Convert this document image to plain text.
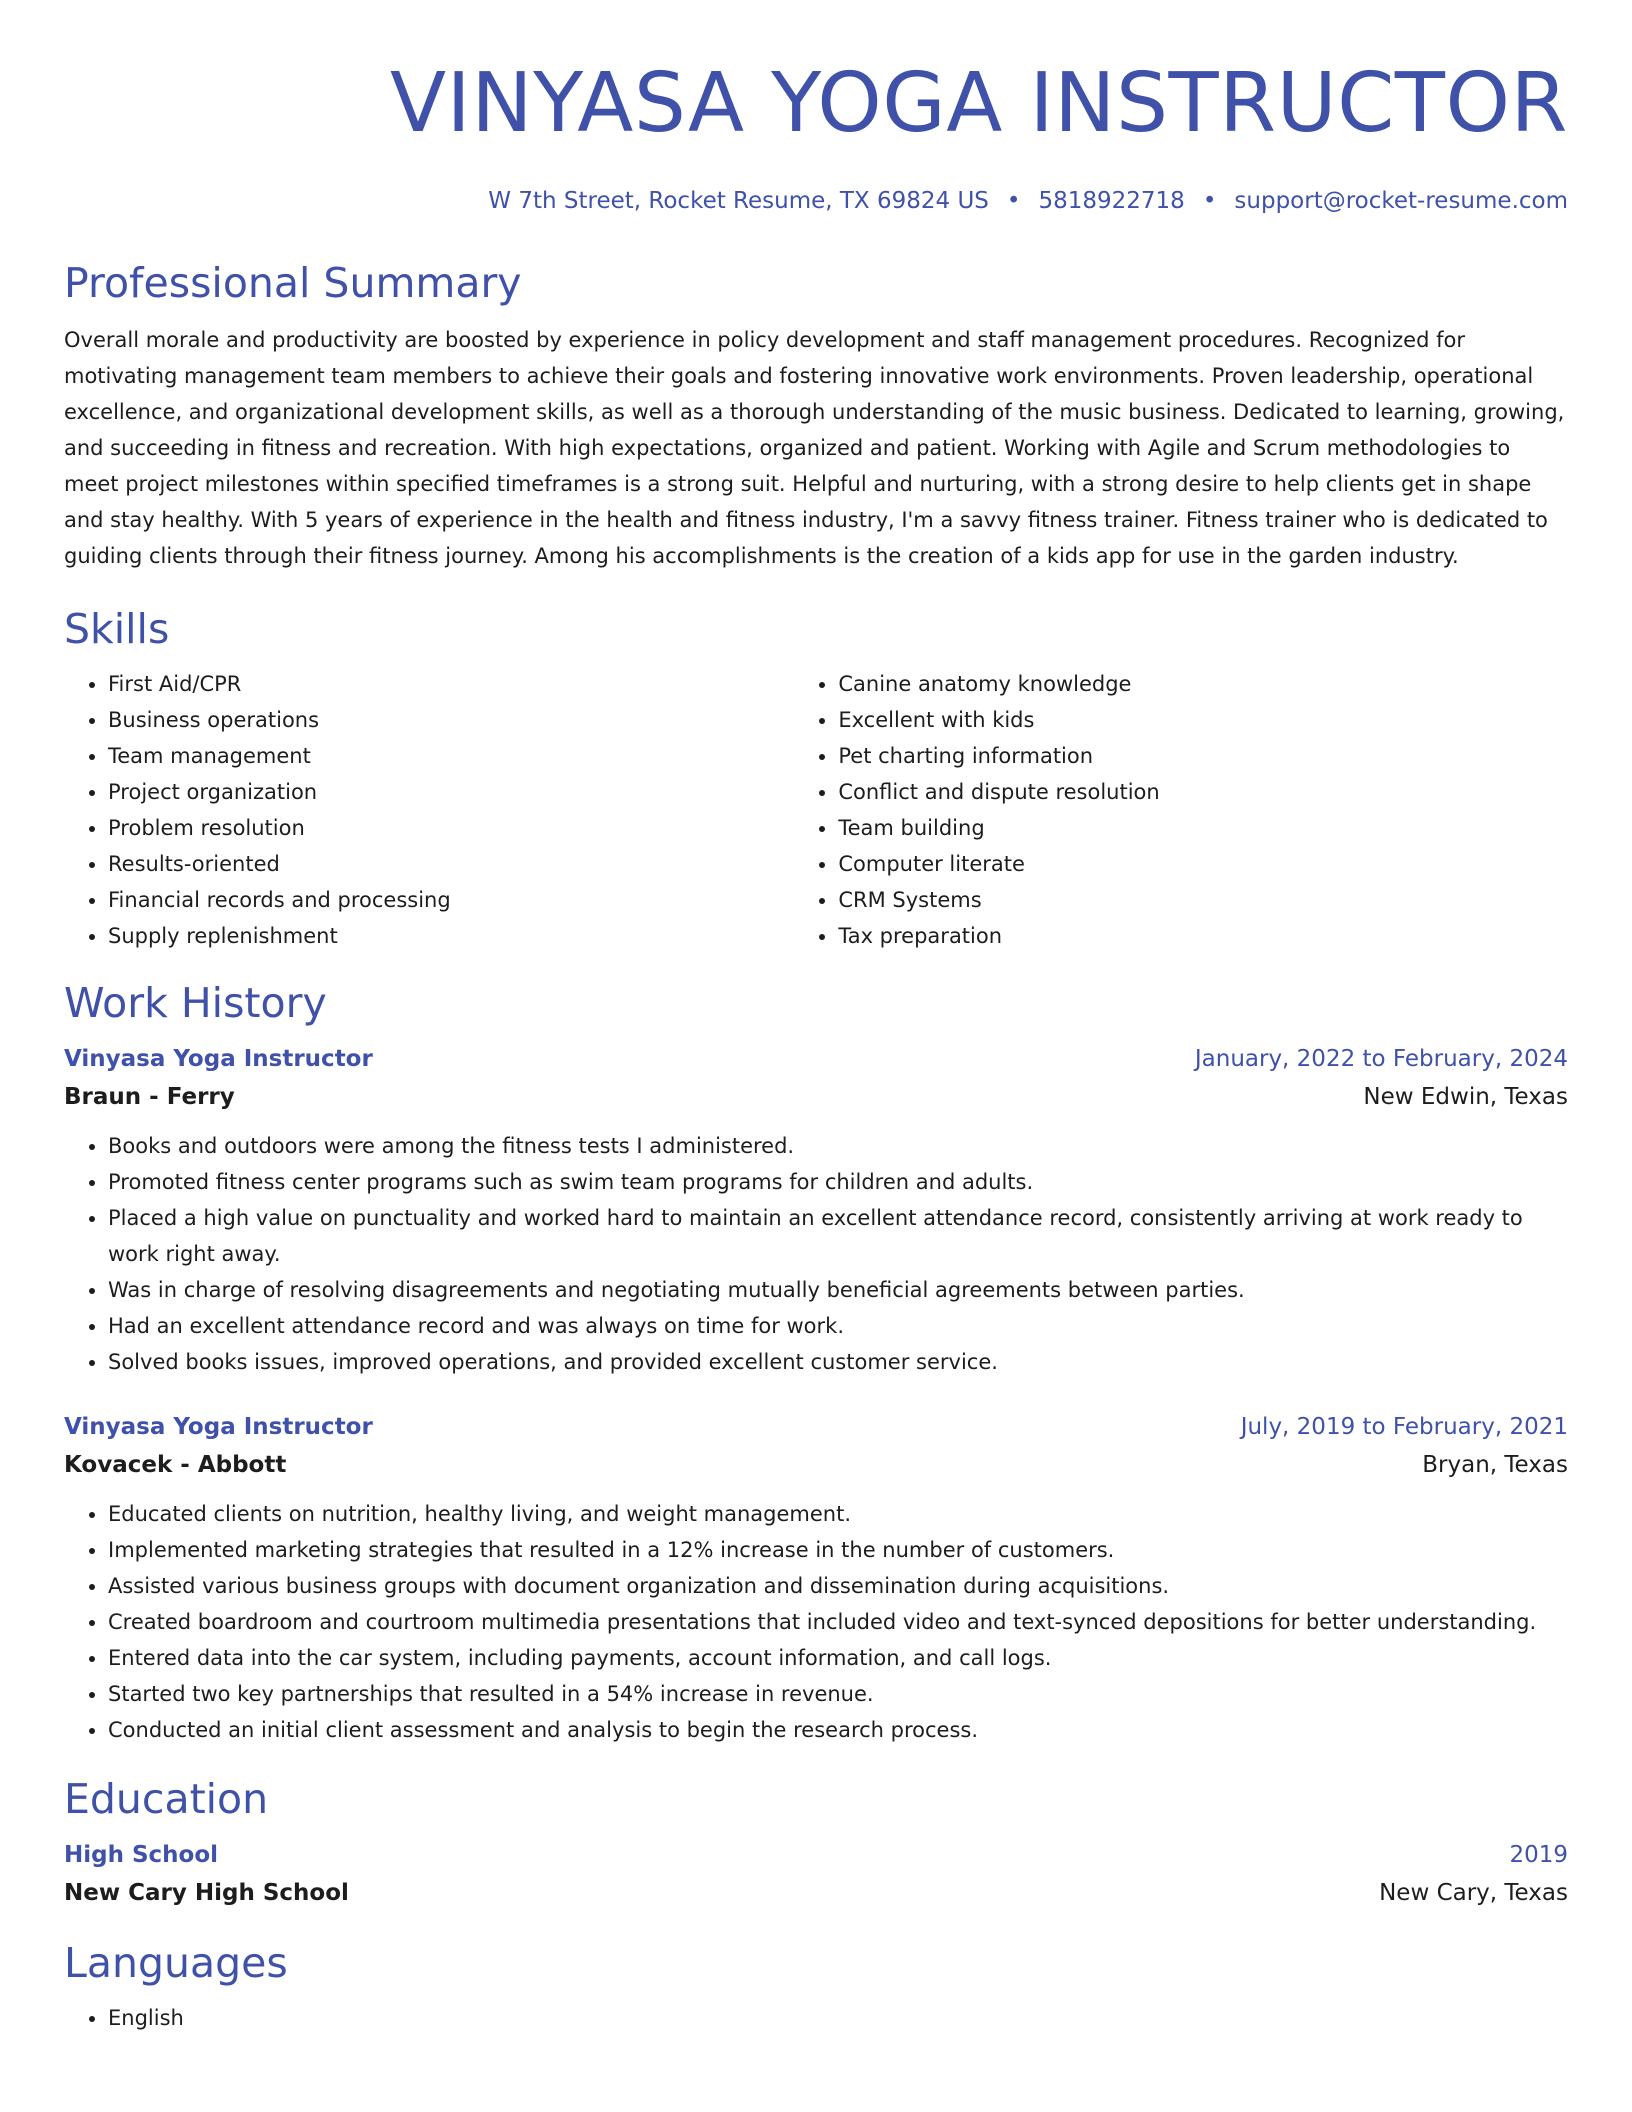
VINYASA YOGA INSTRUCTOR
W 7th Street, Rocket Resume, TX 69824 US • 5818922718 • support@rocket-resume.com
Professional Summary
Overall morale and productivity are boosted by experience in policy development and staff management procedures. Recognized for motivating management team members to achieve their goals and fostering innovative work environments. Proven leadership, operational excellence, and organizational development skills, as well as a thorough understanding of the music business. Dedicated to learning, growing, and succeeding in fitness and recreation. With high expectations, organized and patient. Working with Agile and Scrum methodologies to meet project milestones within specified timeframes is a strong suit. Helpful and nurturing, with a strong desire to help clients get in shape and stay healthy. With 5 years of experience in the health and fitness industry, I'm a savvy fitness trainer. Fitness trainer who is dedicated to guiding clients through their fitness journey. Among his accomplishments is the creation of a kids app for use in the garden industry.
Skills
• First Aid/CPR
• Business operations
• Team management
• Project organization
• Problem resolution
• Results-oriented
• Financial records and processing
• Supply replenishment
• Canine anatomy knowledge
• Excellent with kids
• Pet charting information
• Conflict and dispute resolution
• Team building
• Computer literate
• CRM Systems
• Tax preparation
Work History
Vinyasa Yoga Instructor	January, 2022 to February, 2024
Braun - Ferry	New Edwin, Texas
• Books and outdoors were among the fitness tests I administered.
• Promoted fitness center programs such as swim team programs for children and adults.
• Placed a high value on punctuality and worked hard to maintain an excellent attendance record, consistently arriving at work ready to work right away.
• Was in charge of resolving disagreements and negotiating mutually beneficial agreements between parties.
• Had an excellent attendance record and was always on time for work.
• Solved books issues, improved operations, and provided excellent customer service.
Vinyasa Yoga Instructor	July, 2019 to February, 2021
Kovacek - Abbott	Bryan, Texas
• Educated clients on nutrition, healthy living, and weight management.
• Implemented marketing strategies that resulted in a 12% increase in the number of customers.
• Assisted various business groups with document organization and dissemination during acquisitions.
• Created boardroom and courtroom multimedia presentations that included video and text-synced depositions for better understanding.
• Entered data into the car system, including payments, account information, and call logs.
• Started two key partnerships that resulted in a 54% increase in revenue.
• Conducted an initial client assessment and analysis to begin the research process.
Education
High School	2019
New Cary High School	New Cary, Texas
Languages
• English
